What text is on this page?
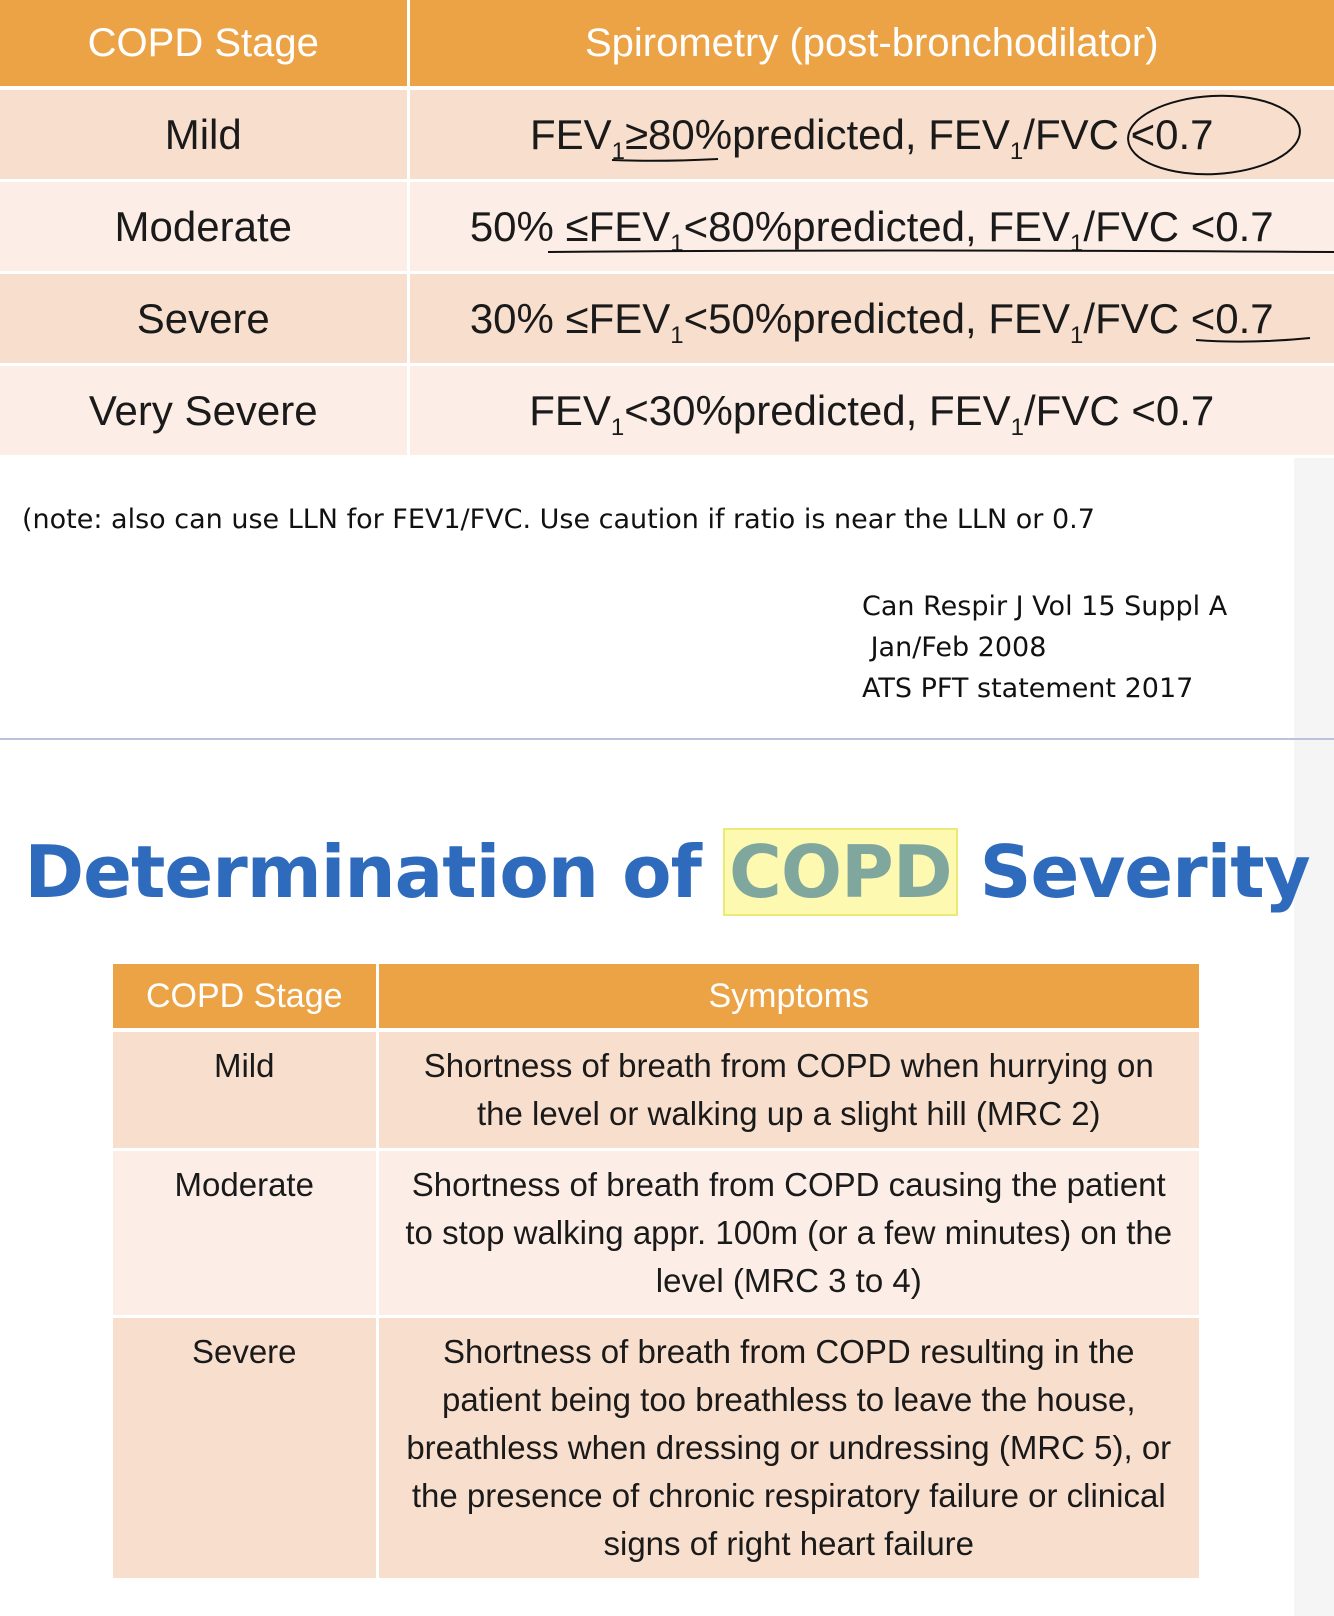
COPD Stage	Spirometry (post-bronchodilator)
Mild	$FEV_1\ge 80\%predicted$, $FEV_1$/FVC <0.7
Moderate	$50\% \le FEV_1<80\%predicted$, $FEV_1$/FVC <0.7
Severe	$30\% \le FEV_1<50\%predicted$, $FEV_1$/FVC <0.7
Very Severe	$FEV_1<30\%predicted$, $FEV_1$/FVC <0.7
(note: also can use LLN for FEV1/FVC. Use caution if ratio is near the LLN or 0.7
Can Respir J Vol 15 Suppl A
Jan/Feb 2008
ATS PFT statement 2017
Determination of COPD Severity
COPD Stage	Symptoms
Mild	Shortness of breath from COPD when hurrying on the level or walking up a slight hill (MRC 2)
Moderate	Shortness of breath from COPD causing the patient to stop walking appr. 100m (or a few minutes) on the level (MRC 3 to 4)
Severe	Shortness of breath from COPD resulting in the patient being too breathless to leave the house, breathless when dressing or undressing (MRC 5), or the presence of chronic respiratory failure or clinical signs of right heart failure
